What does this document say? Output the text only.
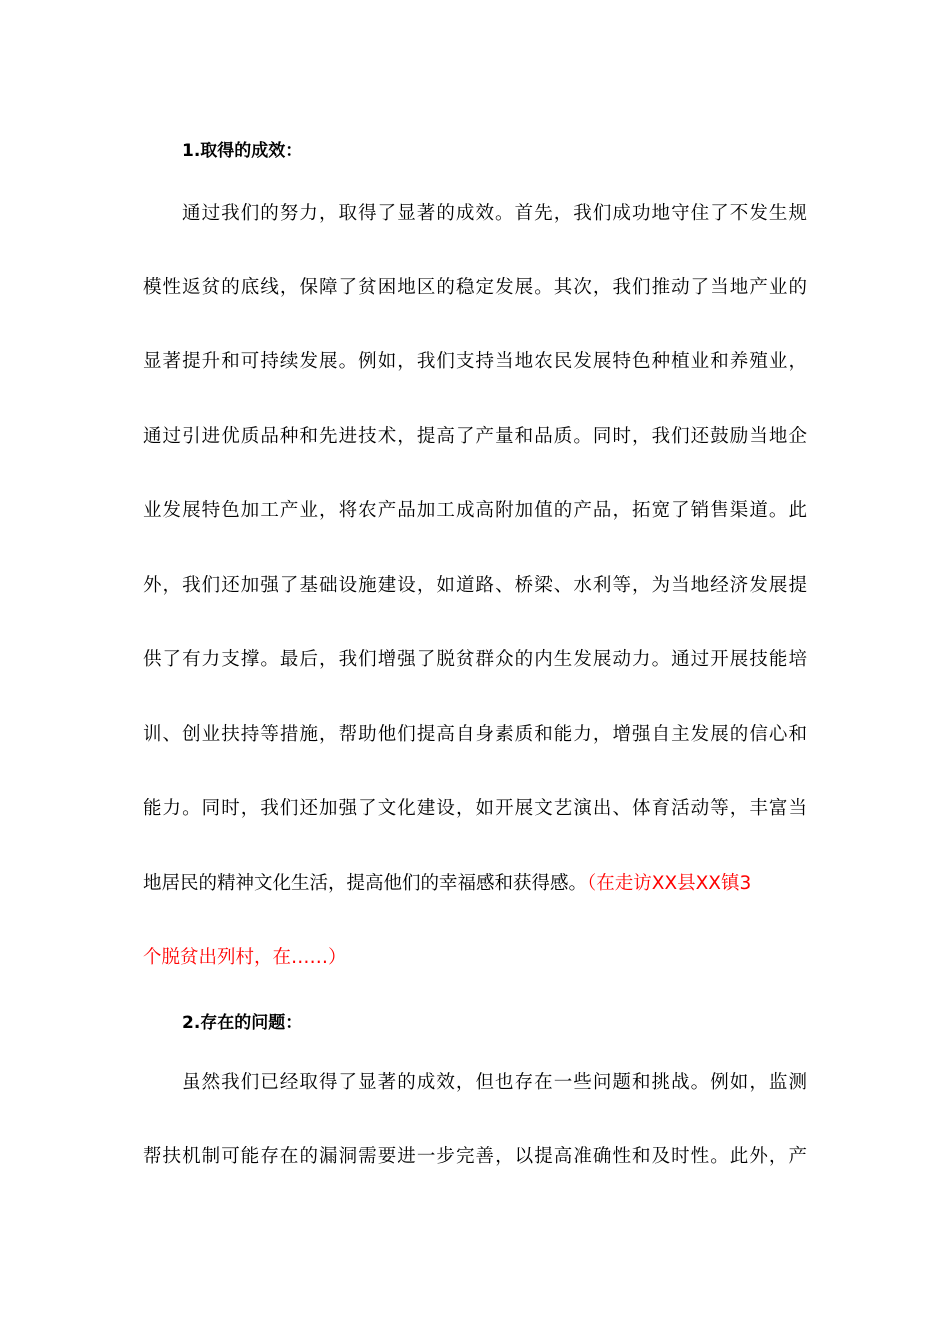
1.取得的成效：
通过我们的努力，取得了显著的成效。首先，我们成功地守住了不发生规
模性返贫的底线，保障了贫困地区的稳定发展。其次，我们推动了当地产业的
显著提升和可持续发展。例如，我们支持当地农民发展特色种植业和养殖业，
通过引进优质品种和先进技术，提高了产量和品质。同时，我们还鼓励当地企
业发展特色加工产业，将农产品加工成高附加值的产品，拓宽了销售渠道。此
外，我们还加强了基础设施建设，如道路、桥梁、水利等，为当地经济发展提
供了有力支撑。最后，我们增强了脱贫群众的内生发展动力。通过开展技能培
训、创业扶持等措施，帮助他们提高自身素质和能力，增强自主发展的信心和
能力。同时，我们还加强了文化建设，如开展文艺演出、体育活动等，丰富当
地居民的精神文化生活，提高他们的幸福感和获得感。（在走访XX县XX镇3
个脱贫出列村，在……）
2.存在的问题：
虽然我们已经取得了显著的成效，但也存在一些问题和挑战。例如，监测
帮扶机制可能存在的漏洞需要进一步完善，以提高准确性和及时性。此外，产
